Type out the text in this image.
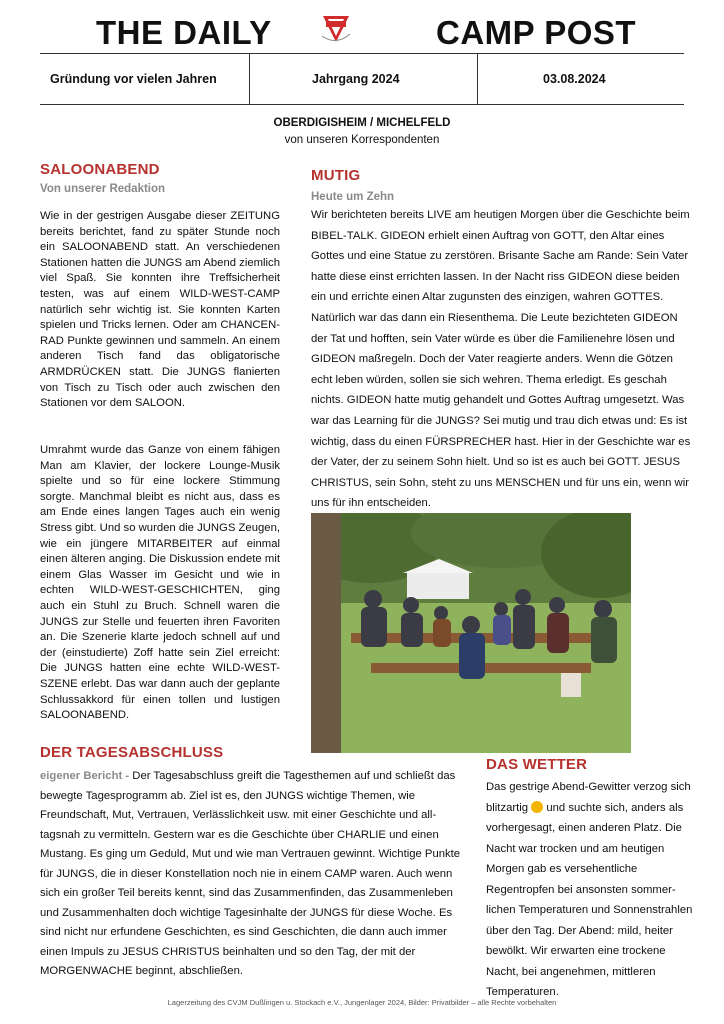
THE DAILY	CAMP POST
Gründung vor vielen Jahren	Jahrgang 2024	03.08.2024
OBERDIGISHEIM / MICHELFELD
von unseren Korrespondenten
SALOONABEND
Von unserer Redaktion
Wie in der gestrigen Ausgabe dieser ZEITUNG bereits berichtet, fand zu später Stunde noch ein SALOONABEND statt. An verschiedenen Stationen hatten die JUNGS am Abend ziemlich viel Spaß. Sie konnten ihre Treffsicherheit testen, was auf einem WILD-WEST-CAMP natürlich sehr wichtig ist. Sie konnten Karten spielen und Tricks lernen. Oder am CHANCEN-RAD Punkte gewinnen und sammeln. An einem anderen Tisch fand das obligatorische ARMDRÜCKEN statt. Die JUNGS flanierten von Tisch zu Tisch oder auch zwischen den Stationen vor dem SALOON.
Umrahmt wurde das Ganze von einem fähigen Man am Klavier, der lockere Lounge-Musik spielte und so für eine lockere Stimmung sorgte. Manchmal bleibt es nicht aus, dass es am Ende eines langen Tages auch ein wenig Stress gibt. Und so wurden die JUNGS Zeugen, wie ein jüngere MITARBEITER auf einmal einen älteren anging. Die Diskussion endete mit einem Glas Wasser im Gesicht und wie in echten WILD-WEST-GESCHICHTEN, ging auch ein Stuhl zu Bruch. Schnell waren die JUNGS zur Stelle und feuerten ihren Favoriten an. Die Szenerie klarte jedoch schnell auf und der (einstudierte) Zoff hatte sein Ziel erreicht: Die JUNGS hatten eine echte WILD-WEST-SZENE erlebt. Das war dann auch der geplante Schlussakkord für einen tollen und lustigen SALOONABEND.
MUTIG
Heute um Zehn
Wir berichteten bereits LIVE am heutigen Morgen über die Geschichte beim BIBEL-TALK. GIDEON erhielt einen Auftrag von GOTT, den Altar eines Gottes und eine Statue zu zerstören. Brisante Sache am Rande: Sein Vater hatte diese einst errichten lassen. In der Nacht riss GIDEON diese beiden ein und errichte einen Altar zugunsten des einzigen, wahren GOTTES. Natürlich war das dann ein Riesenthema. Die Leute bezichteten GIDEON der Tat und hofften, sein Vater würde es über die Familienehre lösen und GIDEON maßregeln. Doch der Vater reagierte anders. Wenn die Götzen echt leben würden, sollen sie sich wehren. Thema erledigt. Es geschah nichts. GIDEON hatte mutig gehandelt und Gottes Auftrag umgesetzt. Was war das Learning für die JUNGS? Sei mutig und trau dich etwas und: Es ist wichtig, dass du einen FÜRSPRECHER hast. Hier in der Geschichte war es der Vater, der zu seinem Sohn hielt. Und so ist es auch bei GOTT. JESUS CHRISTUS, sein Sohn, steht zu uns MENSCHEN und für uns ein, wenn wir uns für ihn entscheiden.
DER TAGESABSCHLUSS
eigener Bericht - Der Tagesabschluss greift die Tagesthemen auf und schließt das bewegte Tagesprogramm ab. Ziel ist es, den JUNGS wichtige Themen, wie Freundschaft, Mut, Vertrauen, Verlässlichkeit usw. mit einer Geschichte und alltagsnah zu vermitteln. Gestern war es die Geschichte über CHARLIE und einen Mustang. Es ging um Geduld, Mut und wie man Vertrauen gewinnt. Wichtige Punkte für JUNGS, die in dieser Konstellation noch nie in einem CAMP waren. Auch wenn sich ein großer Teil bereits kennt, sind das Zusammenfinden, das Zusammenleben und Zusammenhalten doch wichtige Tagesinhalte der JUNGS für diese Woche. Es sind nicht nur erfundene Geschichten, es sind Geschichten, die dann auch immer einen Impuls zu JESUS CHRISTUS beinhalten und so den Tag, der mit der MORGENWACHE beginnt, abschließen.
DAS WETTER
Das gestrige Abend-Gewitter verzog sich blitzartig und suchte sich, anders als vorhergesagt, einen anderen Platz. Die Nacht war trocken und am heutigen Morgen gab es versehentliche Regentropfen bei ansonsten sommerlichen Temperaturen und Sonnenstrahlen über den Tag. Der Abend: mild, heiter bewölkt. Wir erwarten eine trockene Nacht, bei angenehmen, mittleren Temperaturen.
Lagerzeitung des CVJM Dußlingen u. Stockach e.V., Jungenlager 2024, Bilder: Privatbilder – alle Rechte vorbehalten
